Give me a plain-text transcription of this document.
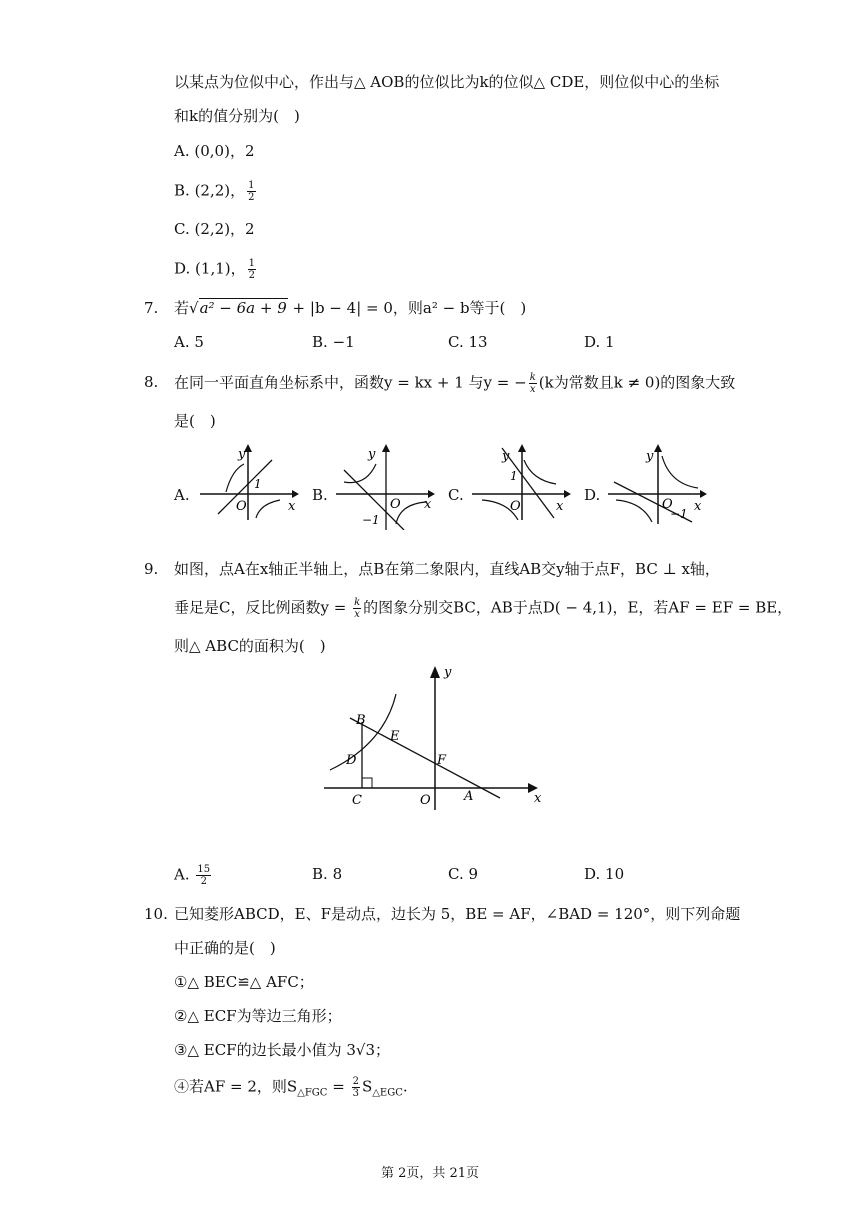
以某点为位似中心，作出与△ AOB的位似比为k的位似△ CDE，则位似中心的坐标
和k的值分别为(　)
A. (0,0)，2
B. (2,2)， $\frac{1}{2}$
C. (2,2)，2
D. (1,1)， $\frac{1}{2}$
7. 若√a² − 6a + 9 + |b − 4| = 0，则a² − b等于(　)
A. 5	B. −1	C. 13	D. 1
8. 在同一平面直角坐标系中，函数y = kx + 1 与y = − $\frac{k}{x} (k$为常数且k ≠ 0)的图象大致
是(　)
A.
y
x
O
1
B.
y
x
O
−1
C.
y
x
O
1
D.
y
x
O
−1
9. 如图，点A在x轴正半轴上，点B在第二象限内，直线AB交y轴于点F，BC ⊥ x轴，
垂足是C，反比例函数$y = \frac{k}{x}$ 的图象分别交BC，AB于点D( − 4,1)，E，若AF = EF = BE，
则△ ABC的面积为(　)
x
y
B
E
D	F
C	O	A
A. $\frac{15}{2}$	B. 8	C. 9	D. 10
10. 已知菱形ABCD，E、F是动点，边长为 5，BE = AF，∠BAD = 120°，则下列命题
中正确的是(　)
①△ BEC≌△ AFC；
②△ ECF为等边三角形；
③△ ECF的边长最小值为 3√3；
④若AF = 2，则$S_{\triangle FGC} = \frac{2}{3} S_{\triangle EGC}$.
第 2页，共 21页
